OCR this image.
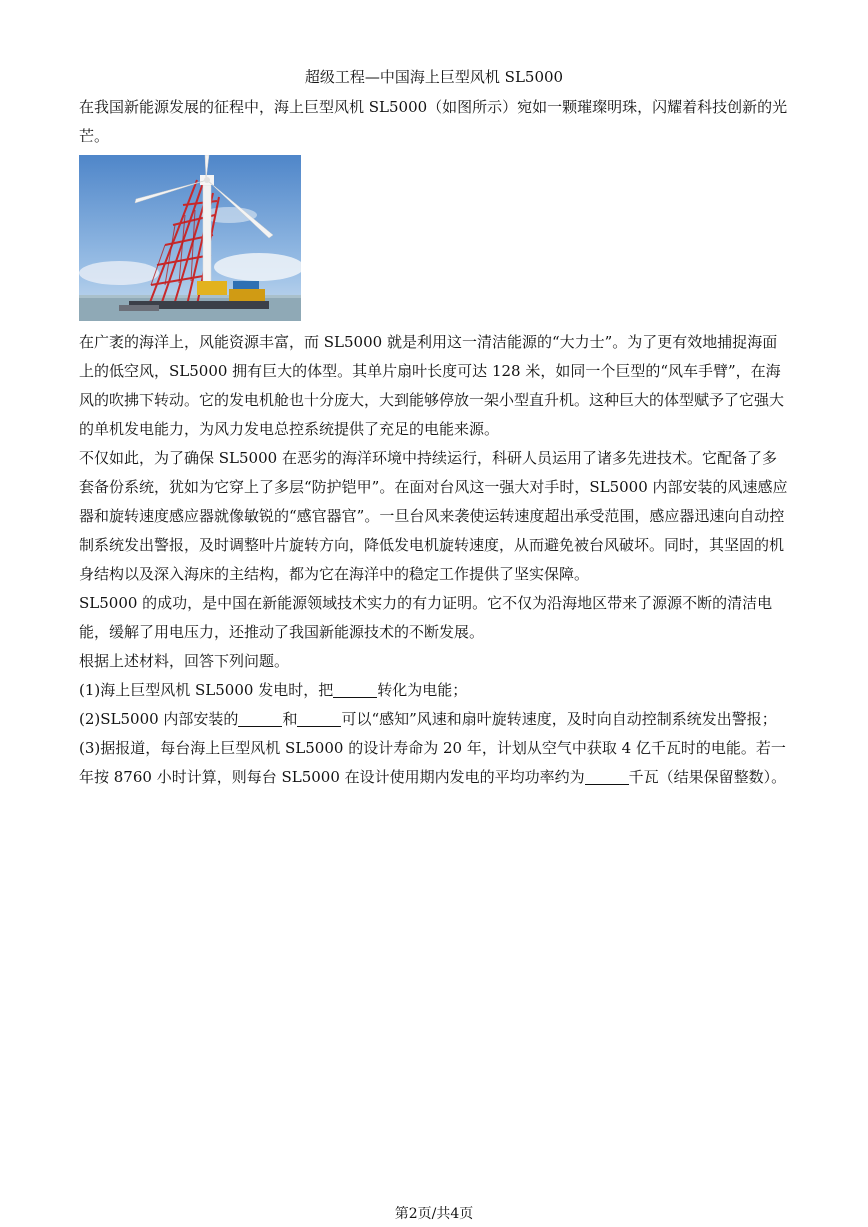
超级工程—中国海上巨型风机 SL5000
在我国新能源发展的征程中，海上巨型风机 SL5000（如图所示）宛如一颗璀璨明珠，闪耀着科技创新的光芒。
在广袤的海洋上，风能资源丰富，而 SL5000 就是利用这一清洁能源的“大力士”。为了更有效地捕捉海面上的低空风，SL5000 拥有巨大的体型。其单片扇叶长度可达 128 米，如同一个巨型的“风车手臂”，在海风的吹拂下转动。它的发电机舱也十分庞大，大到能够停放一架小型直升机。这种巨大的体型赋予了它强大的单机发电能力，为风力发电总控系统提供了充足的电能来源。
不仅如此，为了确保 SL5000 在恶劣的海洋环境中持续运行，科研人员运用了诸多先进技术。它配备了多套备份系统，犹如为它穿上了多层“防护铠甲”。在面对台风这一强大对手时，SL5000 内部安装的风速感应器和旋转速度感应器就像敏锐的“感官器官”。一旦台风来袭使运转速度超出承受范围，感应器迅速向自动控制系统发出警报，及时调整叶片旋转方向，降低发电机旋转速度，从而避免被台风破坏。同时，其坚固的机身结构以及深入海床的主结构，都为它在海洋中的稳定工作提供了坚实保障。
SL5000 的成功，是中国在新能源领域技术实力的有力证明。它不仅为沿海地区带来了源源不断的清洁电能，缓解了用电压力，还推动了我国新能源技术的不断发展。
根据上述材料，回答下列问题。
(1)海上巨型风机 SL5000 发电时，把	转化为电能；
(2)SL5000 内部安装的	和	可以“感知”风速和扇叶旋转速度，及时向自动控制系统发出警报；
(3)据报道，每台海上巨型风机 SL5000 的设计寿命为 20 年，计划从空气中获取 4 亿千瓦时的电能。若一年按 8760 小时计算，则每台 SL5000 在设计使用期内发电的平均功率约为	千瓦（结果保留整数）。
第2页/共4页
